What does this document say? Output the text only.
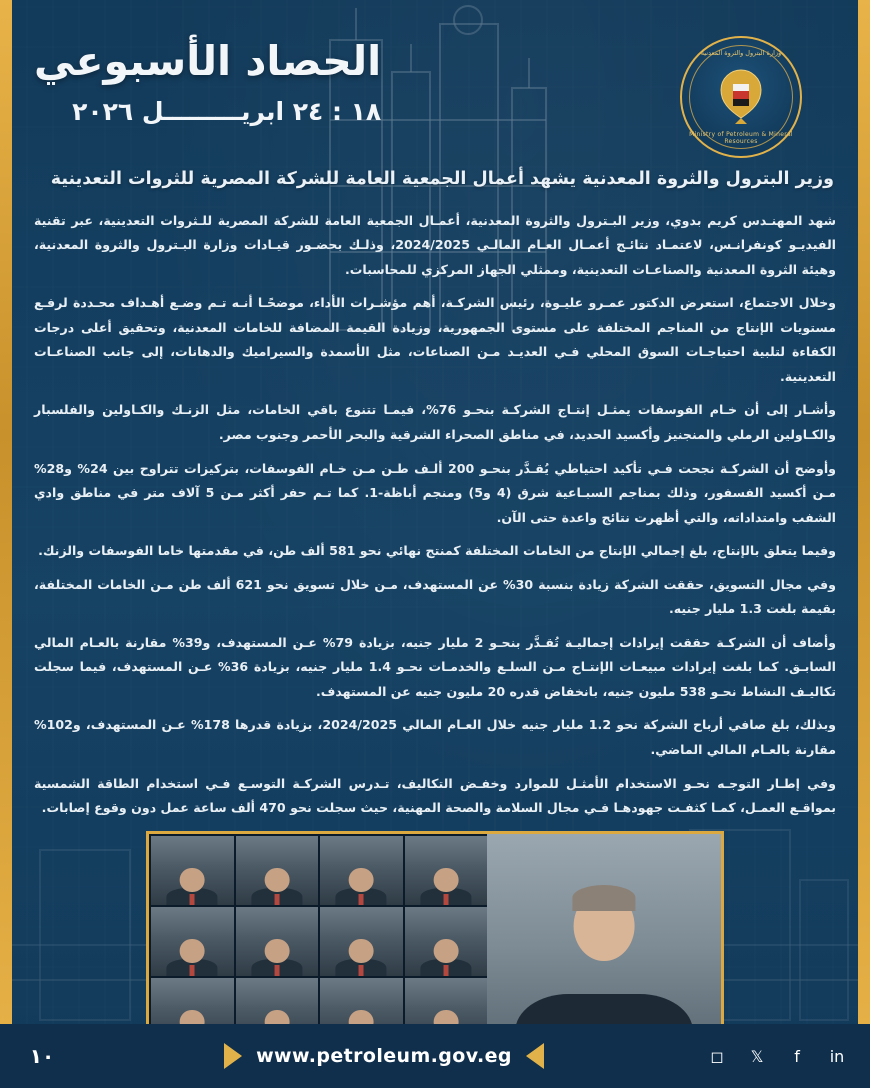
وزارة البترول والثروة المعدنية
Ministry of Petroleum & Mineral Resources
الحصاد الأسبوعي
١٨ : ٢٤ ابريـــــــــل ٢٠٢٦
وزير البترول والثروة المعدنية يشهد أعمال الجمعية العامة للشركة المصرية للثروات التعدينية

شهد المهنـدس كريم بدوي، وزير البـترول والثروة المعدنية، أعمـال الجمعية العامة للشركة المصرية للـثروات التعدينية، عبر تقنية الفيديـو كونفرانـس، لاعتمـاد نتائـج أعمـال العـام المالـي 2024/2025، وذلـك بحضـور قيـادات وزارة البـترول والثروة المعدنية، وهيئة الثروة المعدنية والصناعـات التعدينية، وممثلي الجهاز المركزي للمحاسبات.

وخلال الاجتماع، استعرض الدكتور عمـرو عليـوة، رئيس الشركـة، أهم مؤشـرات الأداء، موضحًـا أنـه تـم وضـع أهـداف محـددة لرفـع مستويات الإنتاج من المناجم المختلفة على مستوى الجمهورية، وزيادة القيمة المضافة للخامات المعدنية، وتحقيق أعلى درجات الكفاءة لتلبية احتياجـات السوق المحلي فـي العديـد مـن الصناعات، مثل الأسمدة والسيراميك والدهانات، إلى جانب الصناعـات التعدينية.

وأشـار إلى أن خـام الفوسفات يمثـل إنتـاج الشركـة بنحـو 76%، فيمـا تتنوع باقي الخامات، مثل الزنـك والكـاولين والفلسبار والكـاولين الرملي والمنجنيز وأكسيد الحديد، في مناطق الصحراء الشرقية والبحر الأحمر وجنوب مصر.

وأوضح أن الشركـة نجحت فـي تأكيد احتياطي يُقـدَّر بنحـو 200 ألـف طـن مـن خـام الفوسفات، بتركيزات تتراوح بين 24% و28% مـن أكسيد الفسفور، وذلك بمناجم السبـاعية شرق (4 و5) ومنجم أباظة-1. كما تـم حفر أكثر مـن 5 آلاف متر في مناطق وادي الشفب وامتداداته، والتي أظهرت نتائج واعدة حتى الآن.

وفيما يتعلق بالإنتاج، بلغ إجمالي الإنتاج من الخامات المختلفة كمنتج نهائي نحو 581 ألف طن، في مقدمتها خاما الفوسفات والزنك.

وفي مجال التسويق، حققت الشركة زيادة بنسبة 30% عن المستهدف، مـن خلال تسويق نحو 621 ألف طن مـن الخامات المختلفة، بقيمة بلغت 1.3 مليار جنيه.

وأضاف أن الشركـة حققت إيرادات إجماليـة تُقـدَّر بنحـو 2 مليار جنيه، بزيادة 79% عـن المستهدف، و39% مقارنة بالعـام المالي السابـق. كما بلغت إيرادات مبيعـات الإنتـاج مـن السلـع والخدمـات نحـو 1.4 مليار جنيه، بزيادة 36% عـن المستهدف، فيما سجلت تكاليـف النشاط نحـو 538 مليون جنيه، بانخفاض قدره 20 مليون جنيه عن المستهدف.

وبذلك، بلغ صافي أرباح الشركة نحو 1.2 مليار جنيه خلال العـام المالي 2024/2025، بزيادة قدرها 178% عـن المستهدف، و102% مقارنة بالعـام المالي الماضي.

وفي إطـار التوجـه نحـو الاستخدام الأمثـل للموارد وخفـض التكاليف، تـدرس الشركـة التوسـع فـي استخدام الطاقة الشمسية بمواقـع العمـل، كمـا كثفـت جهودهـا فـي مجال السلامة والصحة المهنية، حيث سجلت نحو 470 ألف ساعة عمل دون وقوع إصابات.

in
f
𝕏
◻
www.petroleum.gov.eg
١٠
